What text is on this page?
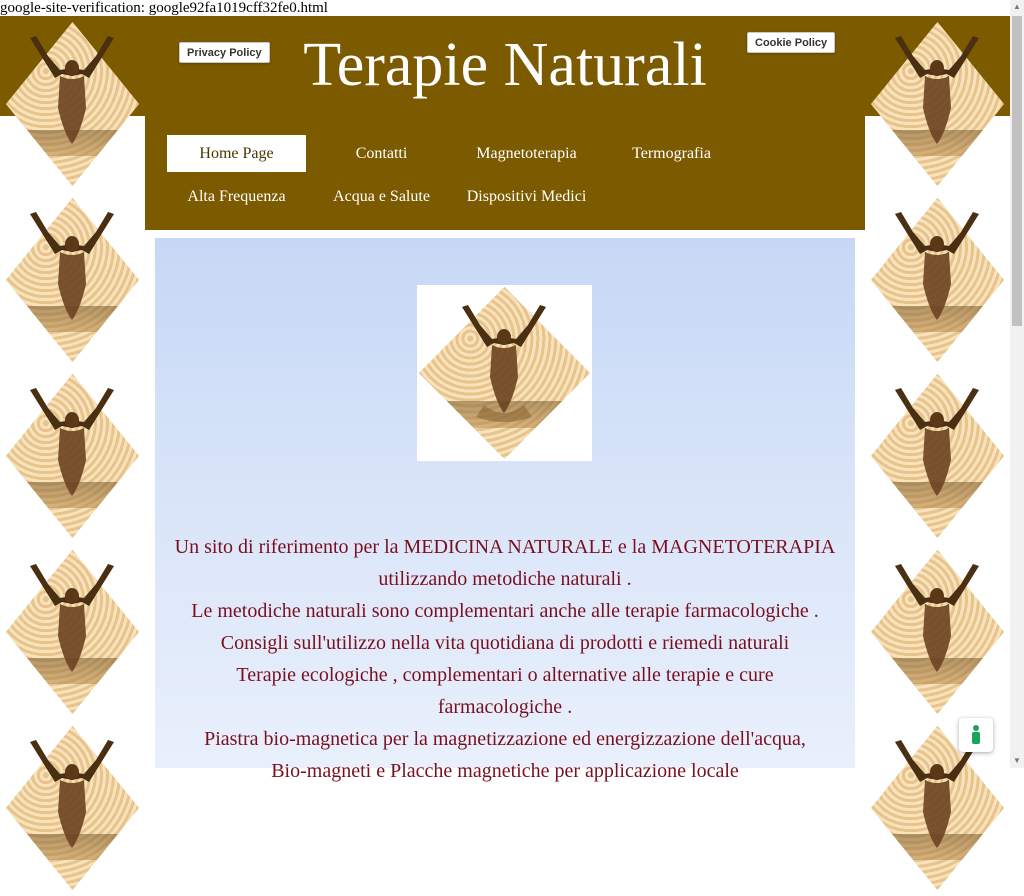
google-site-verification: google92fa1019cff32fe0.html
Privacy Policy Terapie Naturali	Cookie Policy
Home Page	Contatti	Magnetoterapia	Termografia
Alta Frequenza	Acqua e Salute	Dispositivi Medici

Un sito di riferimento per la MEDICINA NATURALE e la MAGNETOTERAPIA

utilizzando metodiche naturali .

Le metodiche naturali sono complementari anche alle terapie farmacologiche .

Consigli sull'utilizzo nella vita quotidiana di prodotti e riemedi naturali

Terapie ecologiche , complementari o alternative alle terapie e cure

farmacologiche .

Piastra bio-magnetica per la magnetizzazione ed energizzazione dell'acqua,

Bio-magneti e Placche magnetiche per applicazione locale

▲
▼
